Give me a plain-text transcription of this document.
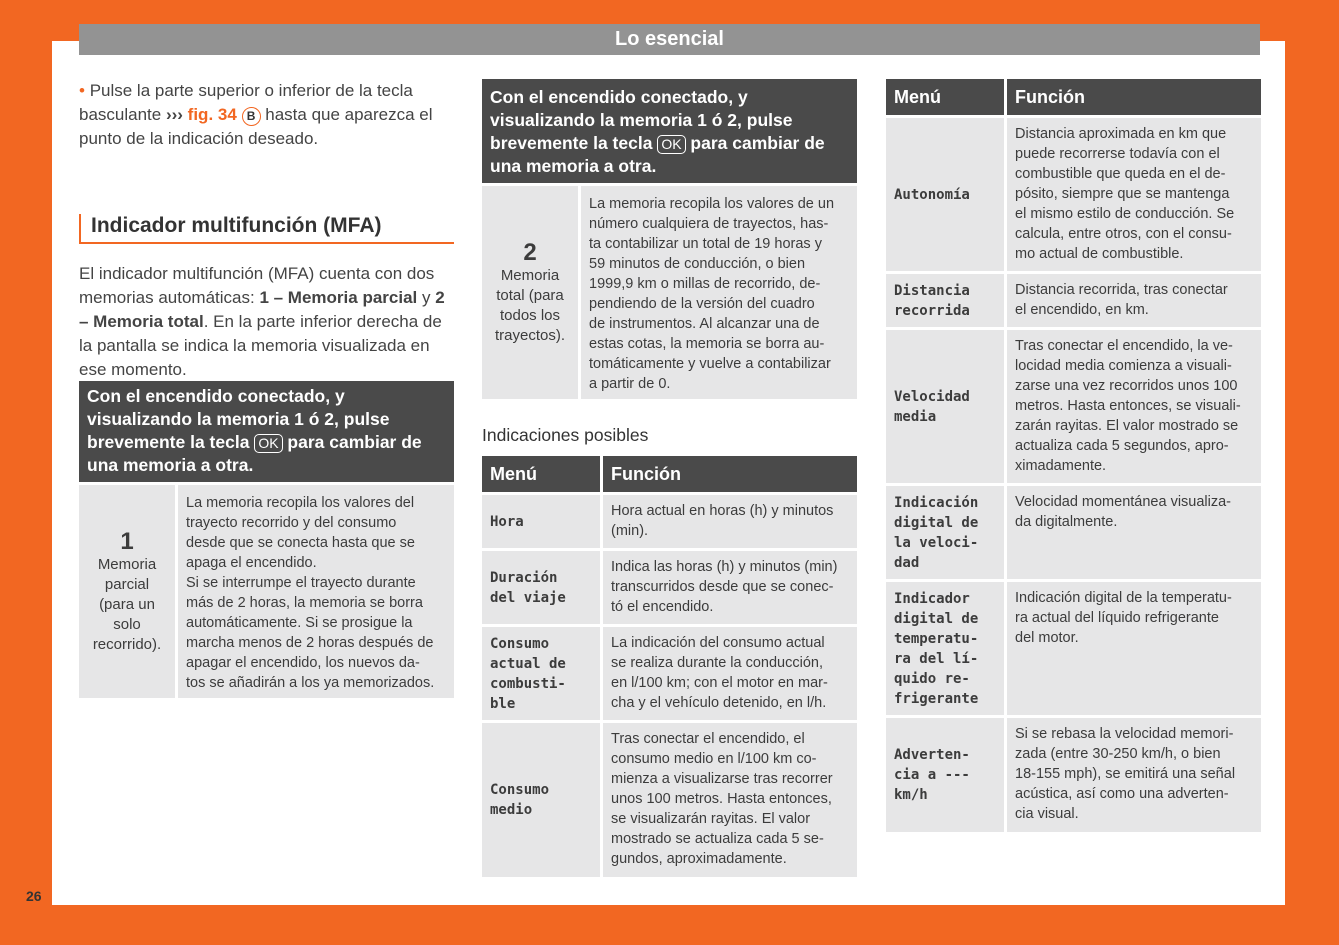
Lo esencial
26

• Pulse la parte superior o inferior de la tecla basculante ››› fig. 34 B hasta que aparezca el punto de la indicación deseado.

Indicador multifunción (MFA)

El indicador multifunción (MFA) cuenta con dos memorias automáticas: 1 – Memoria parcial y 2 – Memoria total. En la parte inferior derecha de la pantalla se indica la memoria visualizada en ese momento.

Con el encendido conectado, y visualizando la memoria 1 ó 2, pulse brevemente la tecla OK para cambiar de una memoria a otra.
1
Memoria parcial (para un solo recorrido).
La memoria recopila los valores del
trayecto recorrido y del consumo
desde que se conecta hasta que se
apaga el encendido.
Si se interrumpe el trayecto durante
más de 2 horas, la memoria se borra
automáticamente. Si se prosigue la
marcha menos de 2 horas después de
apagar el encendido, los nuevos da-
tos se añadirán a los ya memorizados.
Con el encendido conectado, y visualizando la memoria 1 ó 2, pulse brevemente la tecla OK para cambiar de una memoria a otra.
2
Memoria total (para todos los trayectos).
La memoria recopila los valores de un
número cualquiera de trayectos, has-
ta contabilizar un total de 19 horas y
59 minutos de conducción, o bien
1999,9 km o millas de recorrido, de-
pendiendo de la versión del cuadro
de instrumentos. Al alcanzar una de
estas cotas, la memoria se borra au-
tomáticamente y vuelve a contabilizar
a partir de 0.
Indicaciones posibles
Menú	Función
Hora
Hora actual en horas (h) y minutos
(min).
Duración
del viaje
Indica las horas (h) y minutos (min)
transcurridos desde que se conec-
tó el encendido.
Consumo
actual de
combusti-
ble
La indicación del consumo actual
se realiza durante la conducción,
en l/100 km; con el motor en mar-
cha y el vehículo detenido, en l/h.
Consumo
medio
Tras conectar el encendido, el
consumo medio en l/100 km co-
mienza a visualizarse tras recorrer
unos 100 metros. Hasta entonces,
se visualizarán rayitas. El valor
mostrado se actualiza cada 5 se-
gundos, aproximadamente.
Menú	Función
Autonomía
Distancia aproximada en km que
puede recorrerse todavía con el
combustible que queda en el de-
pósito, siempre que se mantenga
el mismo estilo de conducción. Se
calcula, entre otros, con el consu-
mo actual de combustible.
Distancia
recorrida
Distancia recorrida, tras conectar
el encendido, en km.
Velocidad
media
Tras conectar el encendido, la ve-
locidad media comienza a visuali-
zarse una vez recorridos unos 100
metros. Hasta entonces, se visuali-
zarán rayitas. El valor mostrado se
actualiza cada 5 segundos, apro-
ximadamente.
Indicación
digital de
la veloci-
dad
Velocidad momentánea visualiza-
da digitalmente.
Indicador
digital de
temperatu-
ra del lí-
quido re-
frigerante
Indicación digital de la temperatu-
ra actual del líquido refrigerante
del motor.
Adverten-
cia a ---
km/h
Si se rebasa la velocidad memori-
zada (entre 30-250 km/h, o bien
18-155 mph), se emitirá una señal
acústica, así como una adverten-
cia visual.
